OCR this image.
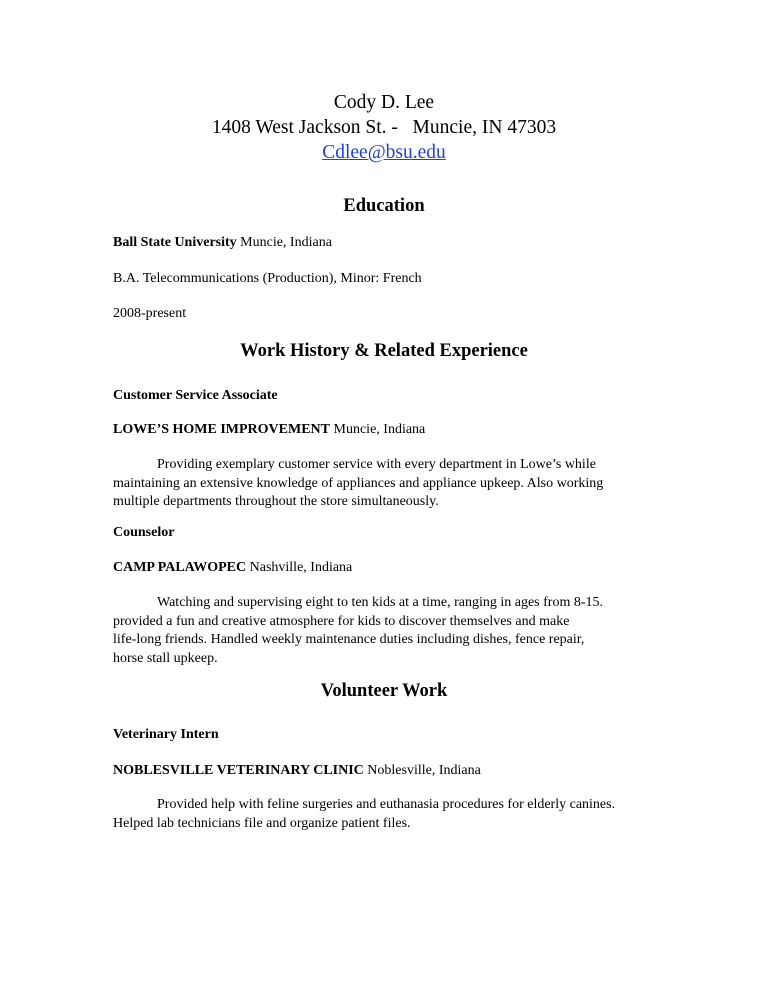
Cody D. Lee
1408 West Jackson St. -   Muncie, IN 47303
Cdlee@bsu.edu
Education
Ball State University Muncie, Indiana
B.A. Telecommunications (Production), Minor: French
2008-present
Work History & Related Experience
Customer Service Associate
LOWE’S HOME IMPROVEMENT Muncie, Indiana
Providing exemplary customer service with every department in Lowe’s while
maintaining an extensive knowledge of appliances and appliance upkeep. Also working
multiple departments throughout the store simultaneously.
Counselor
CAMP PALAWOPEC Nashville, Indiana
Watching and supervising eight to ten kids at a time, ranging in ages from 8-15.
provided a fun and creative atmosphere for kids to discover themselves and make
life-long friends. Handled weekly maintenance duties including dishes, fence repair,
horse stall upkeep.
Volunteer Work
Veterinary Intern
NOBLESVILLE VETERINARY CLINIC Noblesville, Indiana
Provided help with feline surgeries and euthanasia procedures for elderly canines.
Helped lab technicians file and organize patient files.
